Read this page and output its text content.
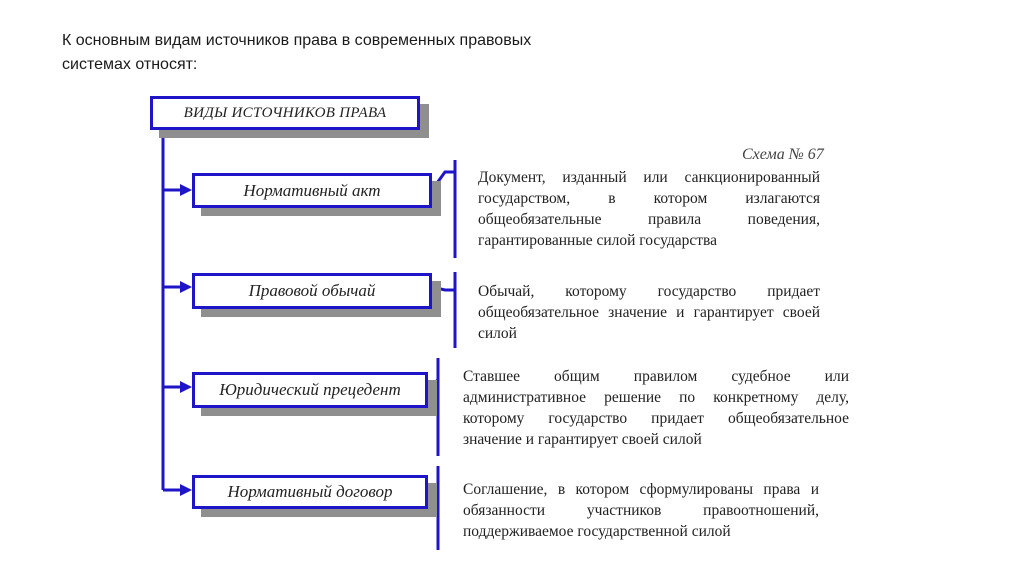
К основным видам источников права в современных правовых системах относят:
ВИДЫ ИСТОЧНИКОВ ПРАВА
Схема № 67
Нормативный акт
Документ, изданный или санкционированный государством, в котором излагаются общеобязательные правила поведения, гарантированные силой государства
Правовой обычай	Обычай, которому государство придает общеобязательное значение и гарантирует своей силой
Юридический прецедент
Ставшее общим правилом судебное или административное решение по конкретному делу, которому государство придает общеобязательное значение и гарантирует своей силой
Нормативный договор	Соглашение, в котором сформулированы права и обязанности участников правоотношений, поддерживаемое государственной силой
